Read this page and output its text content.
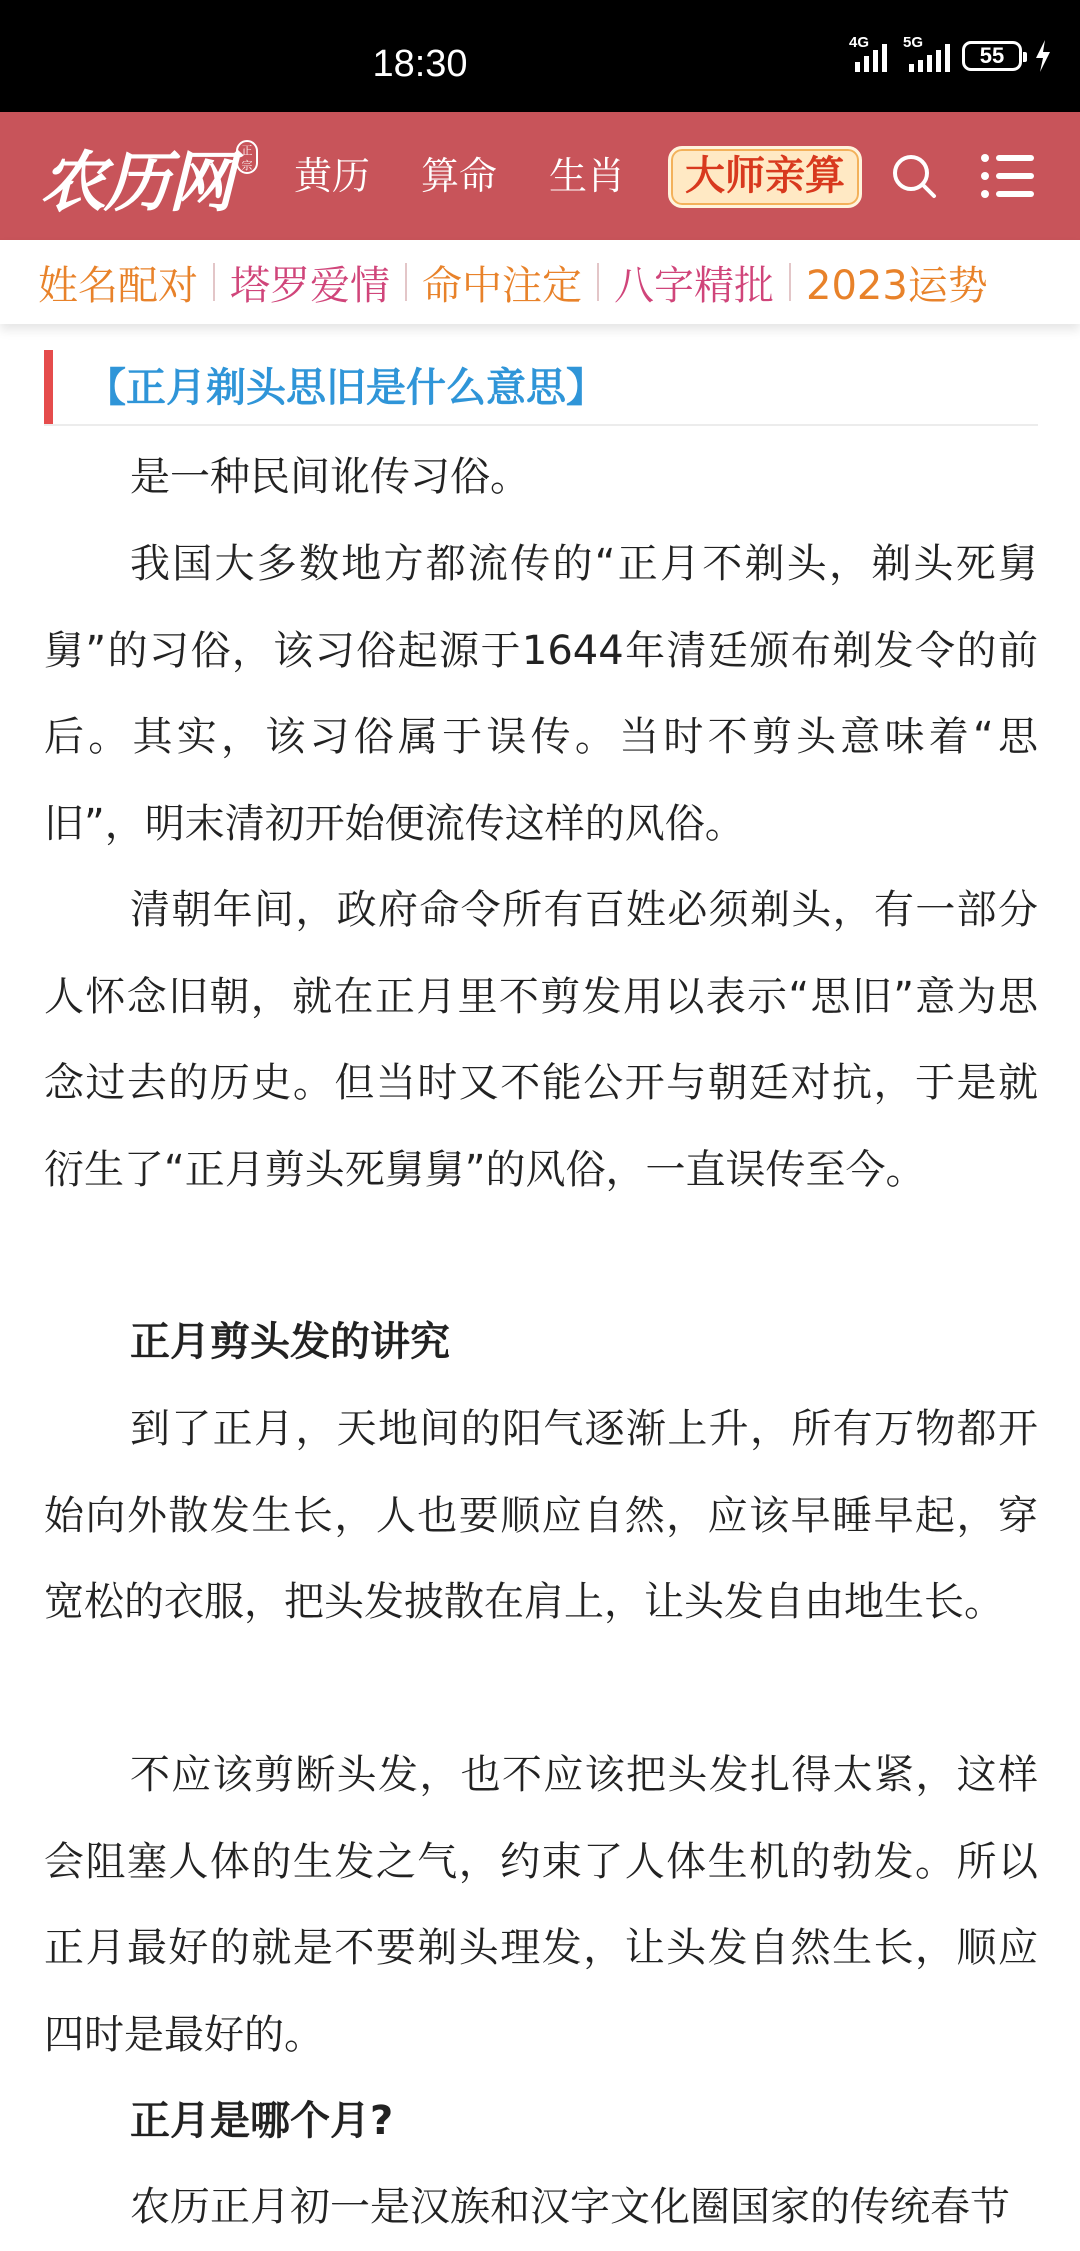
18:30
4G 5G
55
农历网 正宗 黄历 算命 生肖	大师亲算
姓名配对 塔罗爱情 命中注定 八字精批 2023运势
【正月剃头思旧是什么意思】

是一种民间讹传习俗。

我国大多数地方都流传的“正月不剃头，剃头死舅舅”的习俗，该习俗起源于1644年清廷颁布剃发令的前后。其实，该习俗属于误传。当时不剪头意味着“思旧”，明末清初开始便流传这样的风俗。

清朝年间，政府命令所有百姓必须剃头，有一部分人怀念旧朝，就在正月里不剪发用以表示“思旧”意为思念过去的历史。但当时又不能公开与朝廷对抗，于是就衍生了“正月剪头死舅舅”的风俗，一直误传至今。

正月剪头发的讲究

到了正月，天地间的阳气逐渐上升，所有万物都开始向外散发生长，人也要顺应自然，应该早睡早起，穿宽松的衣服，把头发披散在肩上，让头发自由地生长。

不应该剪断头发，也不应该把头发扎得太紧，这样会阻塞人体的生发之气，约束了人体生机的勃发。所以正月最好的就是不要剃头理发，让头发自然生长，顺应四时是最好的。

正月是哪个月?

农历正月初一是汉族和汉字文化圈国家的传统春节
